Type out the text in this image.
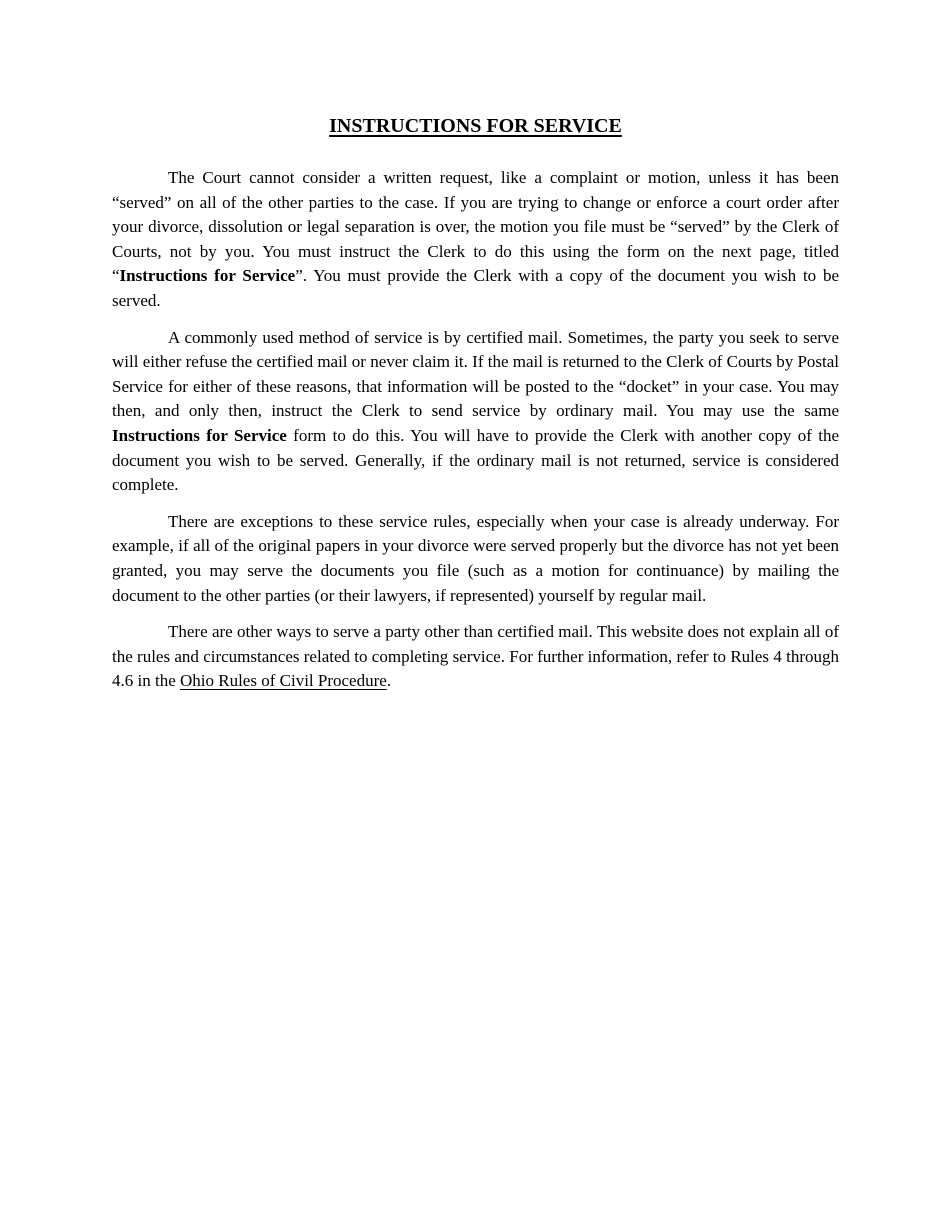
INSTRUCTIONS FOR SERVICE

The Court cannot consider a written request, like a complaint or motion, unless it has been “served” on all of the other parties to the case. If you are trying to change or enforce a court order after your divorce, dissolution or legal separation is over, the motion you file must be “served” by the Clerk of Courts, not by you. You must instruct the Clerk to do this using the form on the next page, titled “Instructions for Service”. You must provide the Clerk with a copy of the document you wish to be served.

A commonly used method of service is by certified mail. Sometimes, the party you seek to serve will either refuse the certified mail or never claim it. If the mail is returned to the Clerk of Courts by Postal Service for either of these reasons, that information will be posted to the “docket” in your case. You may then, and only then, instruct the Clerk to send service by ordinary mail. You may use the same Instructions for Service form to do this. You will have to provide the Clerk with another copy of the document you wish to be served. Generally, if the ordinary mail is not returned, service is considered complete.

There are exceptions to these service rules, especially when your case is already underway. For example, if all of the original papers in your divorce were served properly but the divorce has not yet been granted, you may serve the documents you file (such as a motion for continuance) by mailing the document to the other parties (or their lawyers, if represented) yourself by regular mail.

There are other ways to serve a party other than certified mail. This website does not explain all of the rules and circumstances related to completing service. For further information, refer to Rules 4 through 4.6 in the Ohio Rules of Civil Procedure.
